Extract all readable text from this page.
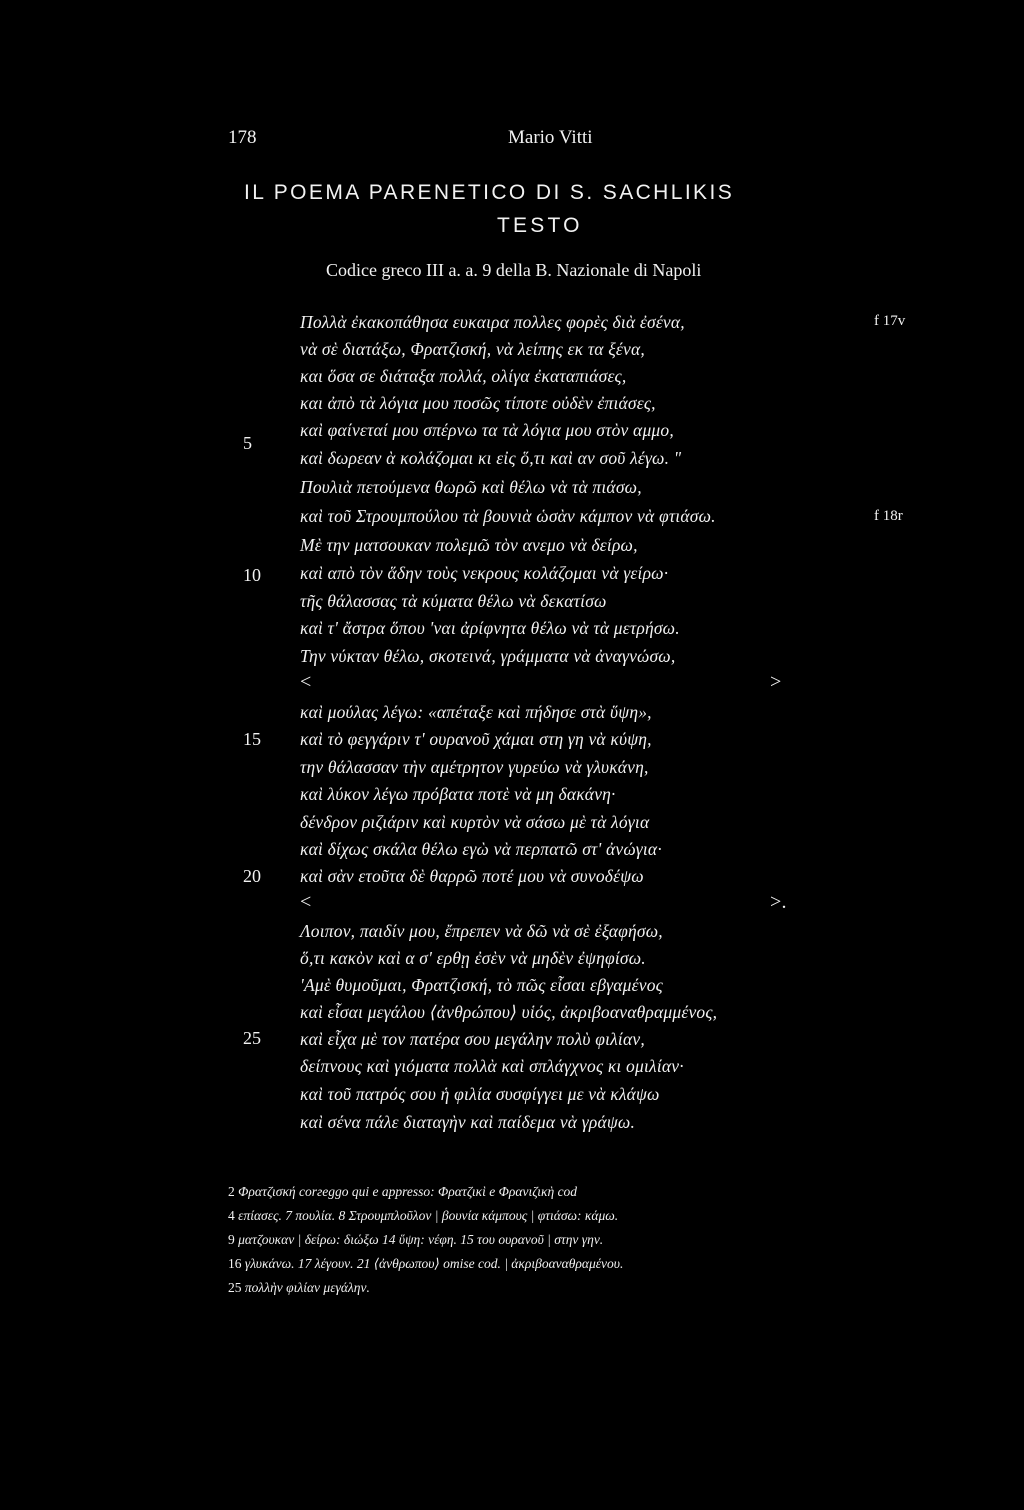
178	Mario Vitti
IL POEMA PARENETICO DI S. SACHLIKIS
TESTO
Codice greco III a. a. 9 della B. Nazionale di Napoli
f 17v
f 18r
5
10
15
20
25
Πολλὰ ἐκακοπάθησα ευκαιρα πολλες φορὲς διὰ ἐσένα,
νὰ σὲ διατάξω, Φρατζισκή, νὰ λείπης εκ τα ξένα,
και ὅσα σε διάταξα πολλά, ολίγα ἐκαταπιάσες,
και ἀπὸ τὰ λόγια μου ποσῶς τίποτε οὐδὲν ἐπιάσες,
καὶ φαίνεταί μου σπέρνω τα τὰ λόγια μου στὸν αμμο,
καὶ δωρεαν ὰ κολάζομαι κι εἰς ὅ,τι καὶ αν σοῦ λέγω. "
Πουλιὰ πετούμενα θωρῶ καὶ θέλω νὰ τὰ πιάσω,
καὶ τοῦ Στρουμπούλου τὰ βουνιὰ ὡσὰν κάμπον νὰ φτιάσω.
Μὲ την ματσουκαν πολεμῶ τὸν ανεμο νὰ δείρω,
καὶ απὸ τὸν ἅδην τοὺς νεκρους κολάζομαι νὰ γείρω·
τῆς θάλασσας τὰ κύματα θέλω νὰ δεκατίσω
καὶ τ' ἄστρα ὅπου 'ναι ἀρίφνητα θέλω νὰ τὰ μετρήσω.
Την νύκταν θέλω, σκοτεινά, γράμματα νὰ ἀναγνώσω,
<	>
καὶ μούλας λέγω: «απέταξε καὶ πήδησε στὰ ὕψη»,
καὶ τὸ φεγγάριν τ' ουρανοῦ χάμαι στη γη νὰ κύψη,
την θάλασσαν τὴν αμέτρητον γυρεύω νὰ γλυκάνη,
καὶ λύκον λέγω πρόβατα ποτὲ νὰ μη δακάνη·
δένδρον ριζιάριν καὶ κυρτὸν νὰ σάσω μὲ τὰ λόγια
καὶ δίχως σκάλα θέλω εγὼ νὰ περπατῶ στ' ἀνώγια·
καὶ σὰν ετοῦτα δὲ θαρρῶ ποτέ μου νὰ συνοδέψω
<	>.
Λοιπον, παιδίν μου, ἔπρεπεν νὰ δῶ νὰ σὲ ἐξαφήσω,
ὅ,τι κακὸν καὶ α σ' ερθῃ ἐσὲν νὰ μηδὲν ἐψηφίσω.
'Αμὲ θυμοῦμαι, Φρατζισκή, τὸ πῶς εἶσαι εβγαμένος
καὶ εἶσαι μεγάλου ⟨ἀνθρώπου⟩ υἱός, ἀκριβοαναθραμμένος,
καὶ εἶχα μὲ τον πατέρα σου μεγάλην πολὺ φιλίαν,
δείπνους καὶ γιόματα πολλὰ καὶ σπλάγχνος κι ομιλίαν·
καὶ τοῦ πατρός σου ἡ φιλία συσφίγγει με νὰ κλάψω
καὶ σένα πάλε διαταγὴν καὶ παίδεμα νὰ γράψω.
2 Φρατζισκή corгeggo qui e appresso: Φρατζικὶ e Φρανιζικὴ cod
4 επίασες. 7 πουλία. 8 Στρουμπλοῦλον | βουνία κάμπους | φτιάσω: κάμω.
9 ματζουκαν | δείρω: διώξω 14 ὕψη: νέφη. 15 του ουρανοῦ | στην γην.
16 γλυκάνω. 17 λέγουν. 21 ⟨ἀνθρωπου⟩ omise cod. | ἀκριβοαναθραμένου.
25 πολλὴν φιλίαν μεγάλην.
